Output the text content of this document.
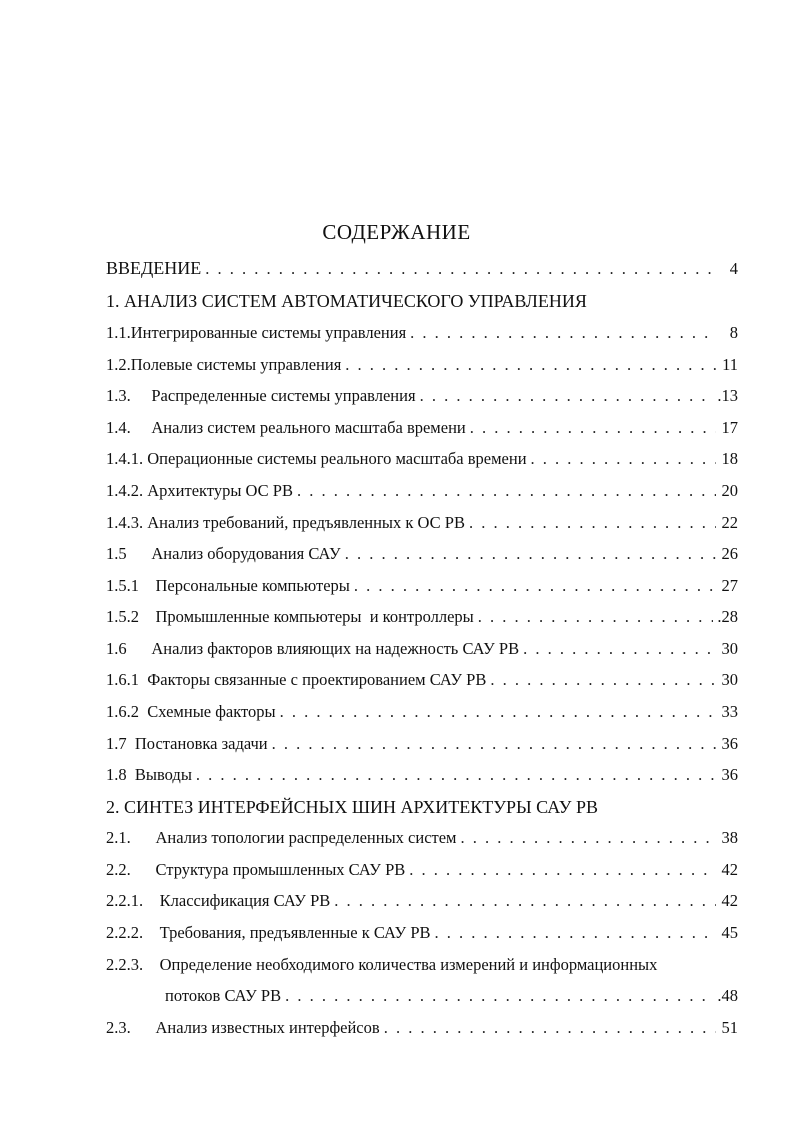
СОДЕРЖАНИЕ
ВВЕДЕНИЕ . . .	4
1. АНАЛИЗ СИСТЕМ АВТОМАТИЧЕСКОГО УПРАВЛЕНИЯ
1.1.Интегрированные системы управления . . .	8
1.2.Полевые системы управления . . .	11
1.3.     Распределенные системы управления . . .	.13
1.4.     Анализ систем реального масштаба времени . . .	17
1.4.1. Операционные системы реального масштаба времени . . .	18
1.4.2. Архитектуры ОС РВ . . .	20
1.4.3. Анализ требований, предъявленных к ОС РВ . . .	22
1.5      Анализ оборудования САУ . . .	26
1.5.1    Персональные компьютеры . . .	27
1.5.2    Промышленные компьютеры  и контроллеры . . .	.28
1.6      Анализ факторов влияющих на надежность САУ РВ . . .	30
1.6.1  Факторы связанные с проектированием САУ РВ . . .	30
1.6.2  Схемные факторы . . .	33
1.7  Постановка задачи . . .	36
1.8  Выводы . . .	36
2. СИНТЕЗ ИНТЕРФЕЙСНЫХ ШИН АРХИТЕКТУРЫ САУ РВ
2.1.      Анализ топологии распределенных систем . . .	38
2.2.      Структура промышленных САУ РВ . . .	42
2.2.1.    Классификация САУ РВ . . .	42
2.2.2.    Требования, предъявленные к САУ РВ . . .	45
2.2.3.    Определение необходимого количества измерений и информационных
потоков САУ РВ . . .	.48
2.3.      Анализ известных интерфейсов . . .	51
